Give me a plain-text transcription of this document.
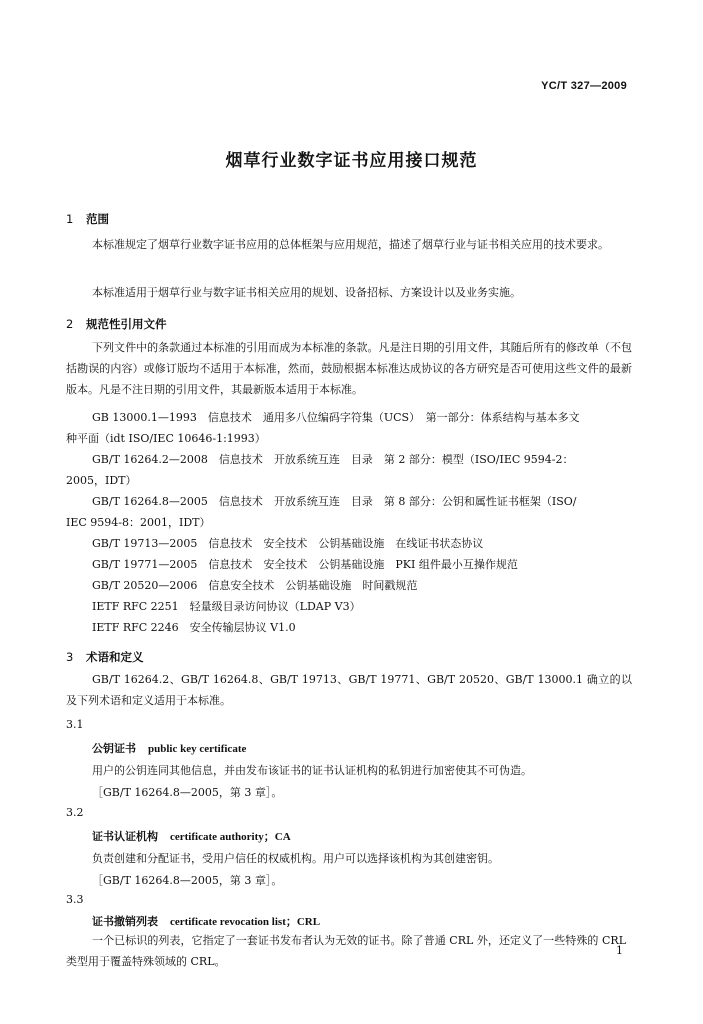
YC/T 327—2009
烟草行业数字证书应用接口规范
1 范围
本标准规定了烟草行业数字证书应用的总体框架与应用规范，描述了烟草行业与证书相关应用的技术要求。
本标准适用于烟草行业与数字证书相关应用的规划、设备招标、方案设计以及业务实施。
2 规范性引用文件
下列文件中的条款通过本标准的引用而成为本标准的条款。凡是注日期的引用文件，其随后所有的修改单（不包括勘误的内容）或修订版均不适用于本标准，然而，鼓励根据本标准达成协议的各方研究是否可使用这些文件的最新版本。凡是不注日期的引用文件，其最新版本适用于本标准。
GB 13000.1—1993　信息技术　通用多八位编码字符集（UCS）　第一部分：体系结构与基本多文
种平面（idt ISO/IEC 10646-1:1993）
GB/T 16264.2—2008　信息技术　开放系统互连　目录　第 2 部分：模型（ISO/IEC 9594-2：
2005，IDT）
GB/T 16264.8—2005　信息技术　开放系统互连　目录　第 8 部分：公钥和属性证书框架（ISO/
IEC 9594-8：2001，IDT）
GB/T 19713—2005　信息技术　安全技术　公钥基础设施　在线证书状态协议
GB/T 19771—2005　信息技术　安全技术　公钥基础设施　PKI 组件最小互操作规范
GB/T 20520—2006　信息安全技术　公钥基础设施　时间戳规范
IETF RFC 2251　轻量级目录访问协议（LDAP V3）
IETF RFC 2246　安全传输层协议 V1.0
3 术语和定义
GB/T 16264.2、GB/T 16264.8、GB/T 19713、GB/T 19771、GB/T 20520、GB/T 13000.1 确立的以及下列术语和定义适用于本标准。
3.1
公钥证书 public key certificate
用户的公钥连同其他信息，并由发布该证书的证书认证机构的私钥进行加密使其不可伪造。
［GB/T 16264.8—2005，第 3 章］。
3.2
证书认证机构 certificate authority；CA
负责创建和分配证书，受用户信任的权威机构。用户可以选择该机构为其创建密钥。
［GB/T 16264.8—2005，第 3 章］。
3.3
证书撤销列表 certificate revocation list；CRL
一个已标识的列表，它指定了一套证书发布者认为无效的证书。除了普通 CRL 外，还定义了一些特殊的 CRL 类型用于覆盖特殊领域的 CRL。
1
